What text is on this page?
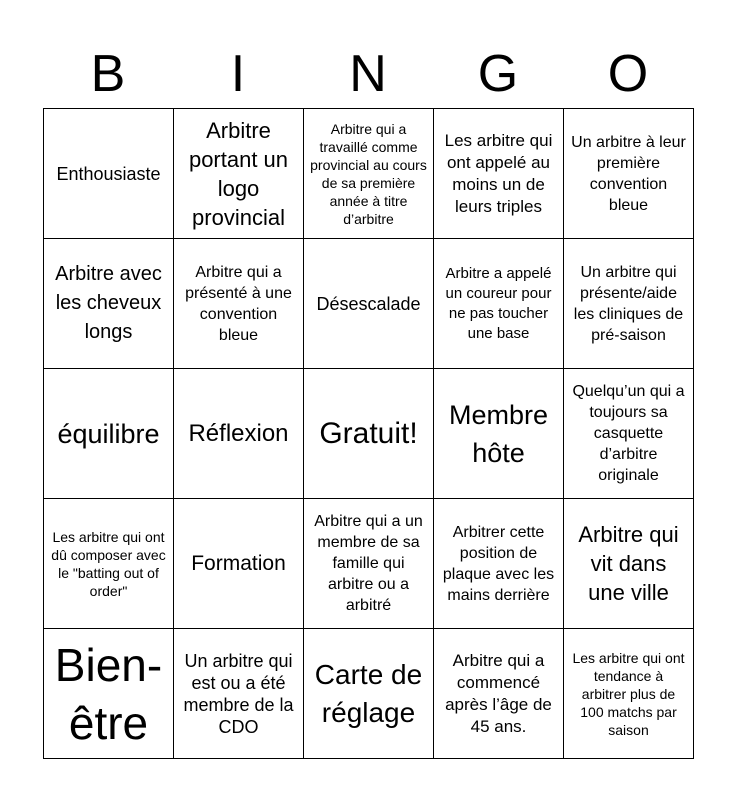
B	I	N	G	O
Enthousiaste	Arbitre portant un logo provincial	Arbitre qui a travaillé comme provincial au cours de sa première année à titre d’arbitre	Les arbitre qui ont appelé au moins un de leurs triples	Un arbitre à leur première convention bleue

Arbitre avec les cheveux longs	Arbitre qui a présenté à une convention bleue	Désescalade	Arbitre a appelé un coureur pour ne pas toucher une base	Un arbitre qui présente/aide les cliniques de pré-saison

équilibre	Réflexion	Gratuit!	Membre hôte	Quelqu’un qui a toujours sa casquette d’arbitre originale

Les arbitre qui ont dû composer avec le "batting out of order"	Formation	Arbitre qui a un membre de sa famille qui arbitre ou a arbitré	Arbitrer cette position de plaque avec les mains derrière	Arbitre qui vit dans une ville

Bien-être	Un arbitre qui est ou a été membre de la CDO	Carte de réglage	Arbitre qui a commencé après l’âge de 45 ans.	Les arbitre qui ont tendance à arbitrer plus de 100 matchs par saison
